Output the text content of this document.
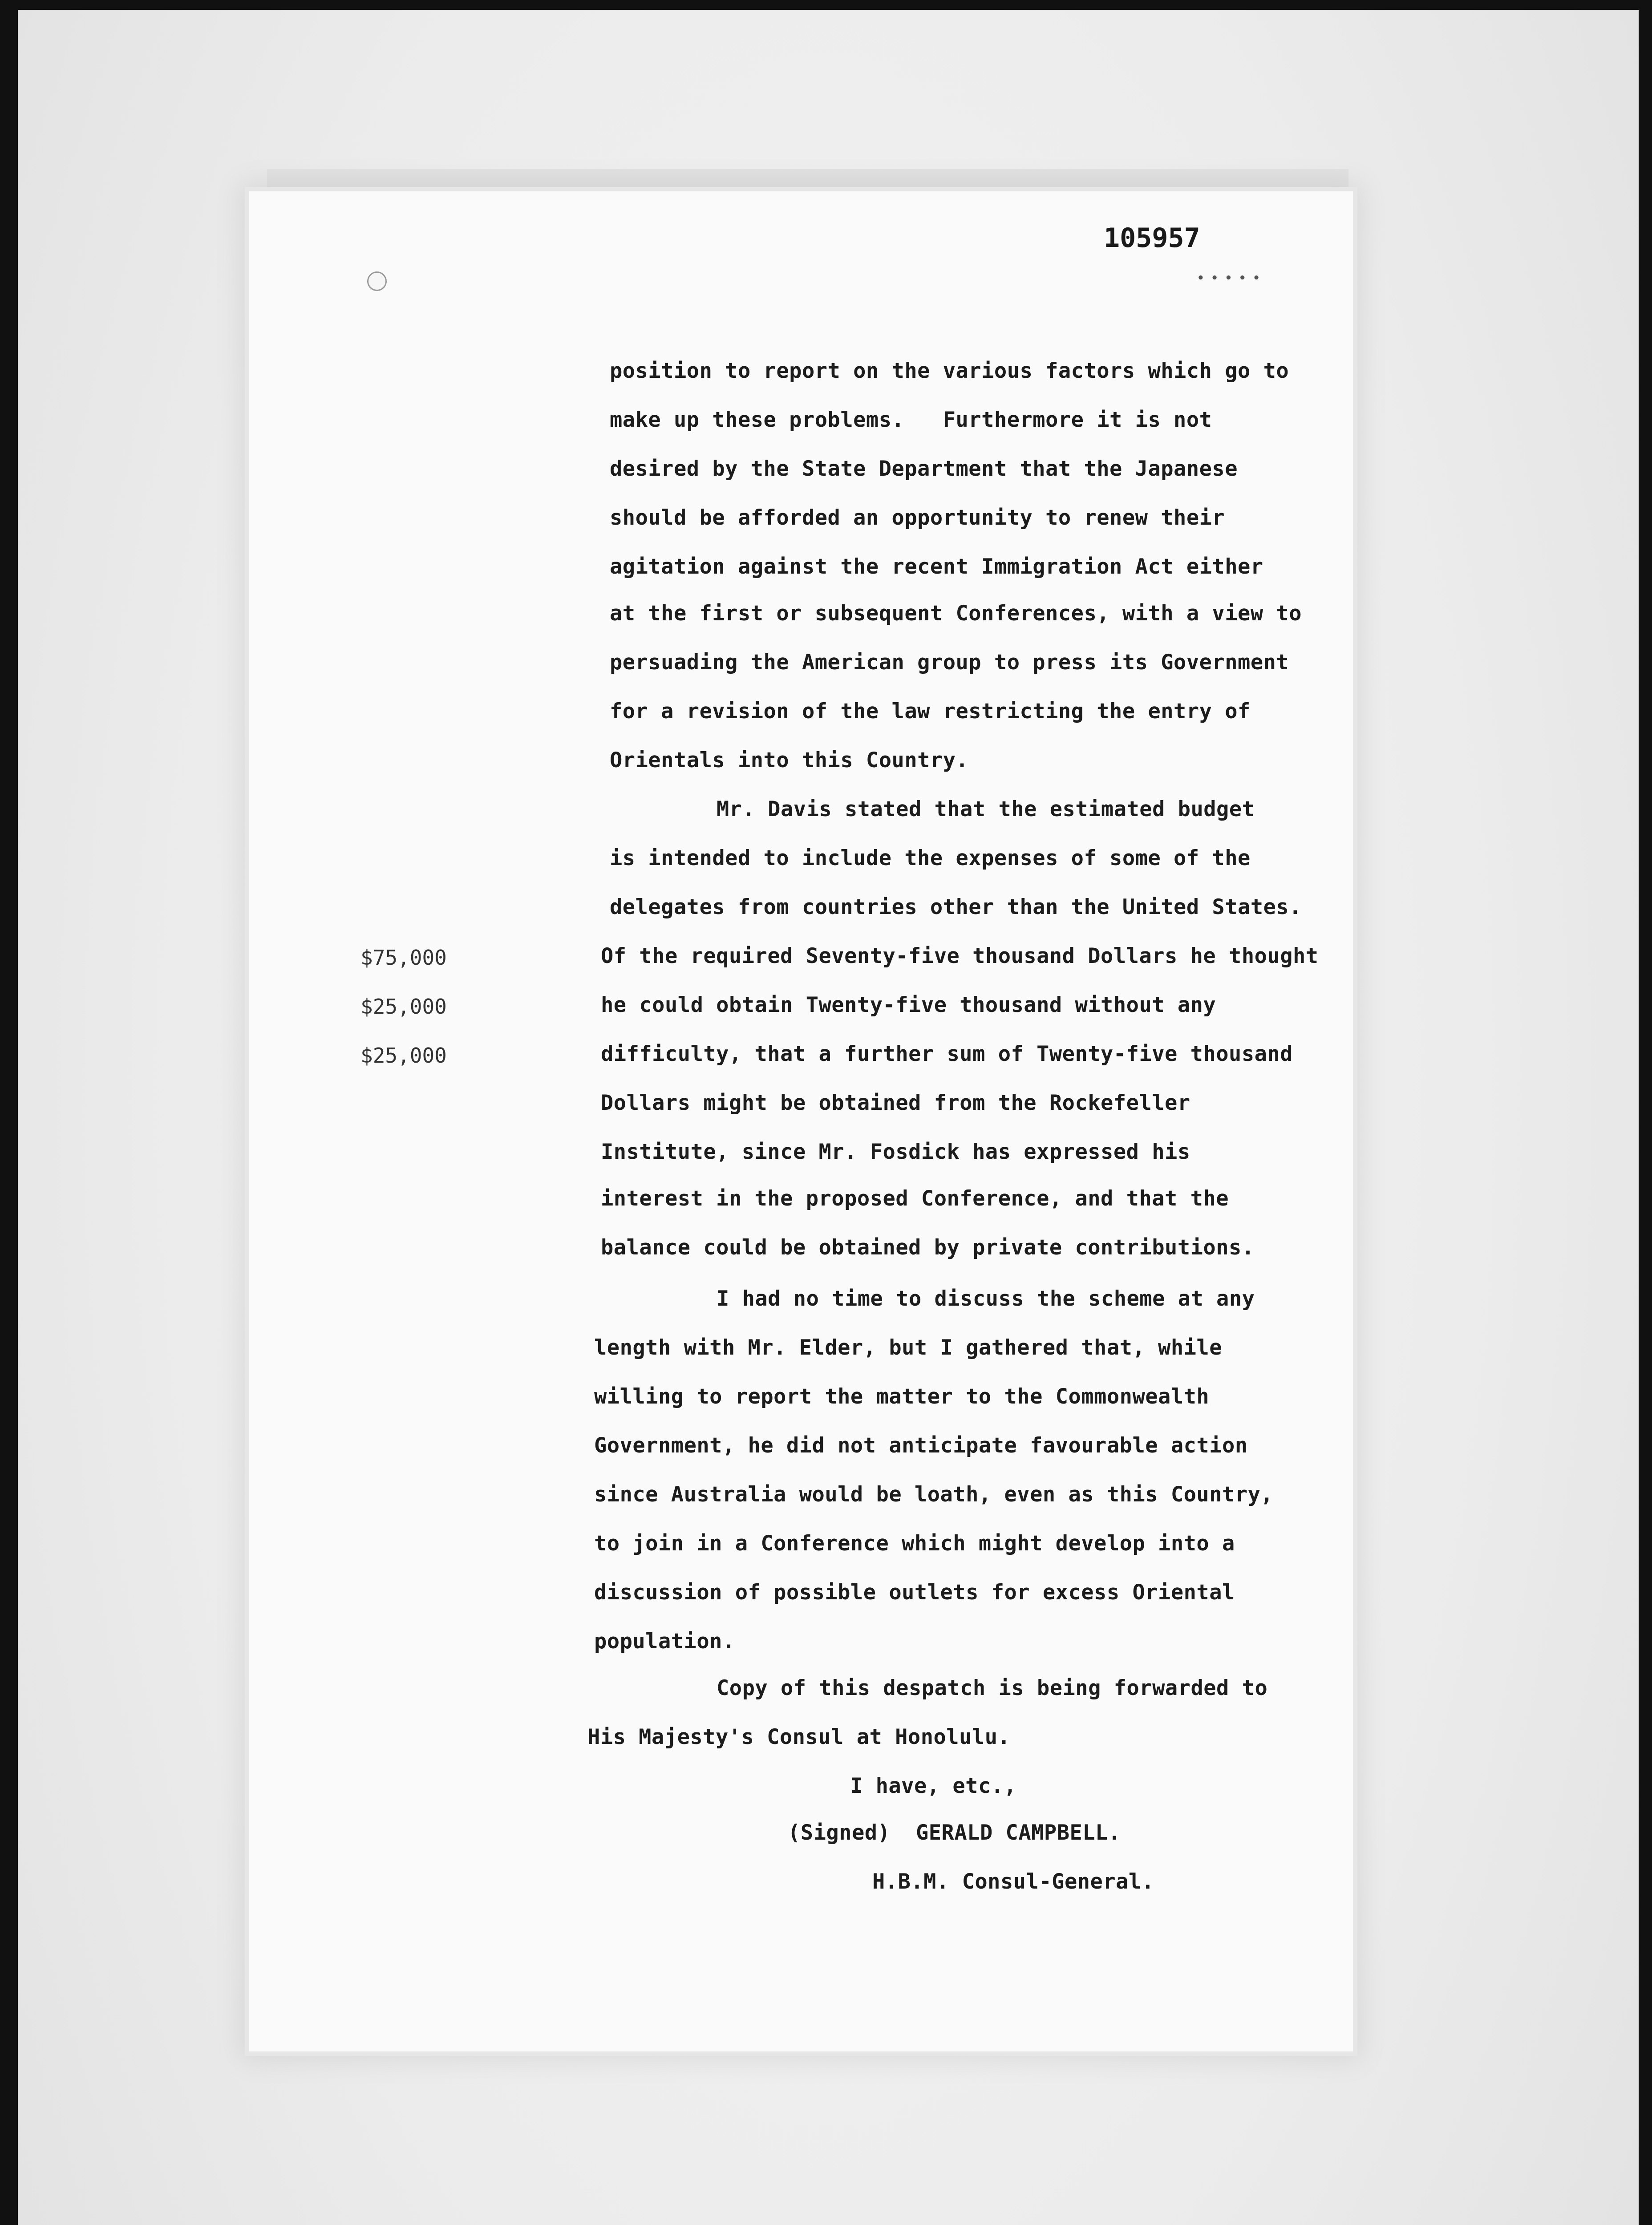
105957
• • • • •
position to report on the various factors which go to
make up these problems.   Furthermore it is not
desired by the State Department that the Japanese
should be afforded an opportunity to renew their
agitation against the recent Immigration Act either
at the first or subsequent Conferences, with a view to
persuading the American group to press its Government
for a revision of the law restricting the entry of
Orientals into this Country.
Mr. Davis stated that the estimated budget
is intended to include the expenses of some of the
delegates from countries other than the United States.
Of the required Seventy-five thousand Dollars he thought
he could obtain Twenty-five thousand without any
difficulty, that a further sum of Twenty-five thousand
Dollars might be obtained from the Rockefeller
Institute, since Mr. Fosdick has expressed his
interest in the proposed Conference, and that the
balance could be obtained by private contributions.
I had no time to discuss the scheme at any
length with Mr. Elder, but I gathered that, while
willing to report the matter to the Commonwealth
Government, he did not anticipate favourable action
since Australia would be loath, even as this Country,
to join in a Conference which might develop into a
discussion of possible outlets for excess Oriental
population.
Copy of this despatch is being forwarded to
His Majesty's Consul at Honolulu.
I have, etc.,
(Signed)  GERALD CAMPBELL.
H.B.M. Consul-General.
$75,000
$25,000
$25,000
